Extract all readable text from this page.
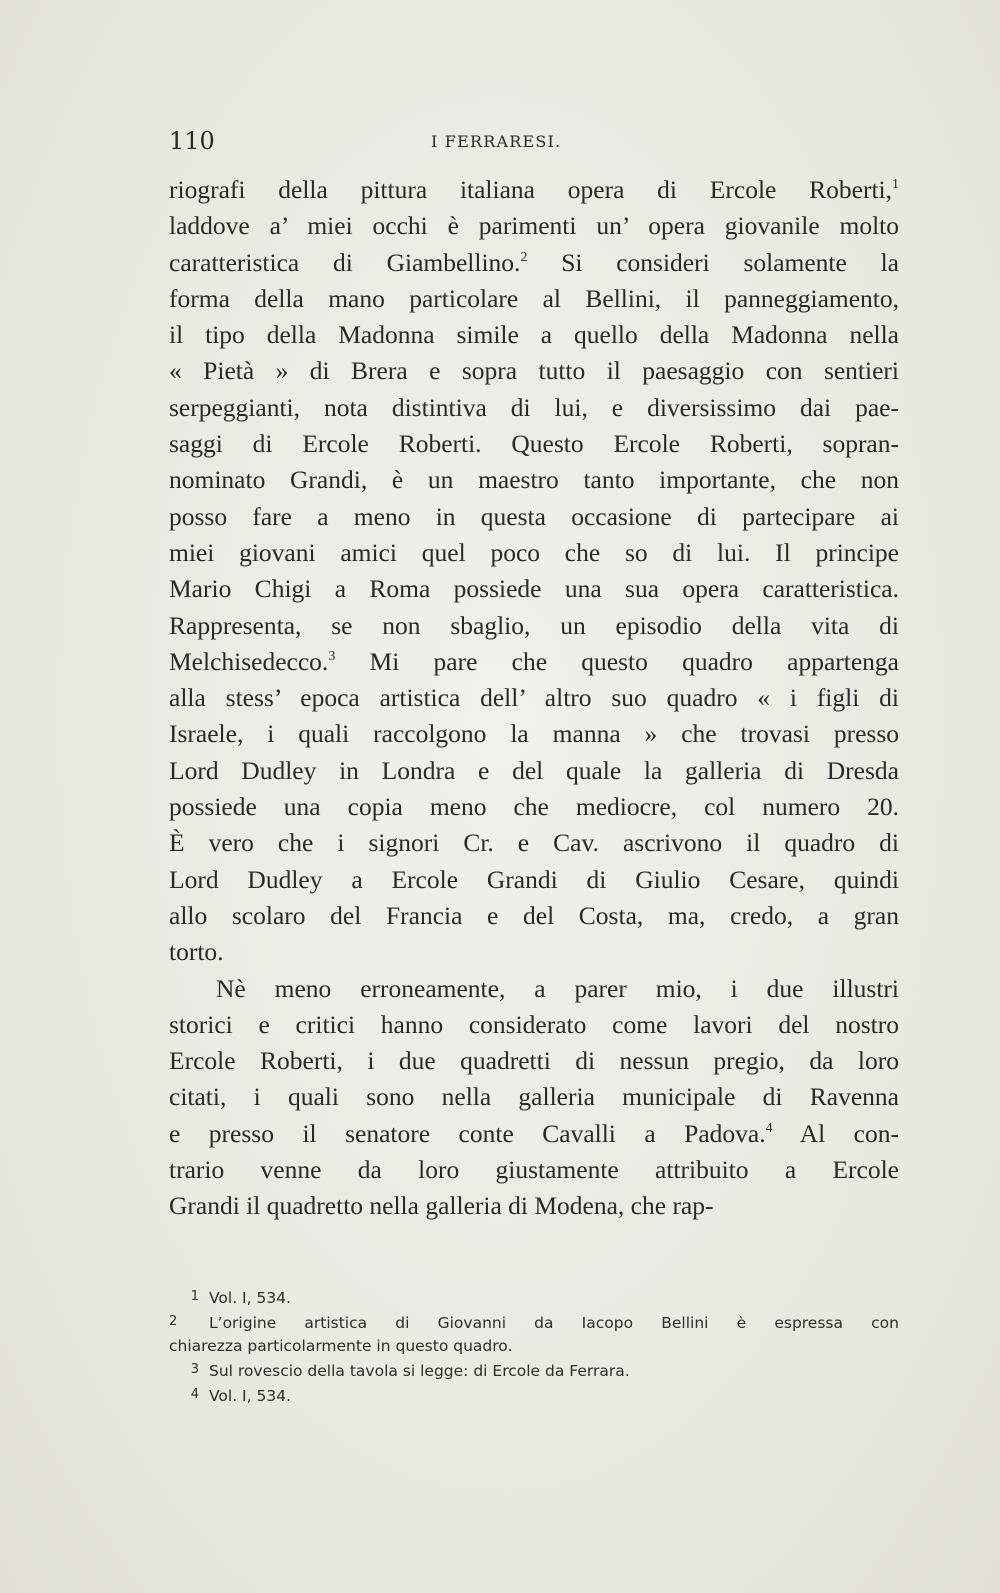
110	I FERRARESI.
riografi della pittura italiana opera di Ercole Roberti,$^1$
laddove a’ miei occhi è parimenti un’ opera giovanile molto
caratteristica di Giambellino.$^2$ Si consideri solamente la
forma della mano particolare al Bellini, il panneggiamento,
il tipo della Madonna simile a quello della Madonna nella
« Pietà » di Brera e sopra tutto il paesaggio con sentieri
serpeggianti, nota distintiva di lui, e diversissimo dai pae-
saggi di Ercole Roberti. Questo Ercole Roberti, sopran-
nominato Grandi, è un maestro tanto importante, che non
posso fare a meno in questa occasione di partecipare ai
miei giovani amici quel poco che so di lui. Il principe
Mario Chigi a Roma possiede una sua opera caratteristica.
Rappresenta, se non sbaglio, un episodio della vita di
Melchisedecco.$^3$ Mi pare che questo quadro appartenga
alla stess’ epoca artistica dell’ altro suo quadro « i figli di
Israele, i quali raccolgono la manna » che trovasi presso
Lord Dudley in Londra e del quale la galleria di Dresda
possiede una copia meno che mediocre, col numero 20.
È vero che i signori Cr. e Cav. ascrivono il quadro di
Lord Dudley a Ercole Grandi di Giulio Cesare, quindi
allo scolaro del Francia e del Costa, ma, credo, a gran
torto.
Nè meno erroneamente, a parer mio, i due illustri
storici e critici hanno considerato come lavori del nostro
Ercole Roberti, i due quadretti di nessun pregio, da loro
citati, i quali sono nella galleria municipale di Ravenna
e presso il senatore conte Cavalli a Padova.$^4$ Al con-
trario venne da loro giustamente attribuito a Ercole
Grandi il quadretto nella galleria di Modena, che rap-
1 Vol. I, 534.
2 L’origine artistica di Giovanni da Iacopo Bellini è espressa con
chiarezza particolarmente in questo quadro.
3 Sul rovescio della tavola si legge: di Ercole da Ferrara.
4 Vol. I, 534.
